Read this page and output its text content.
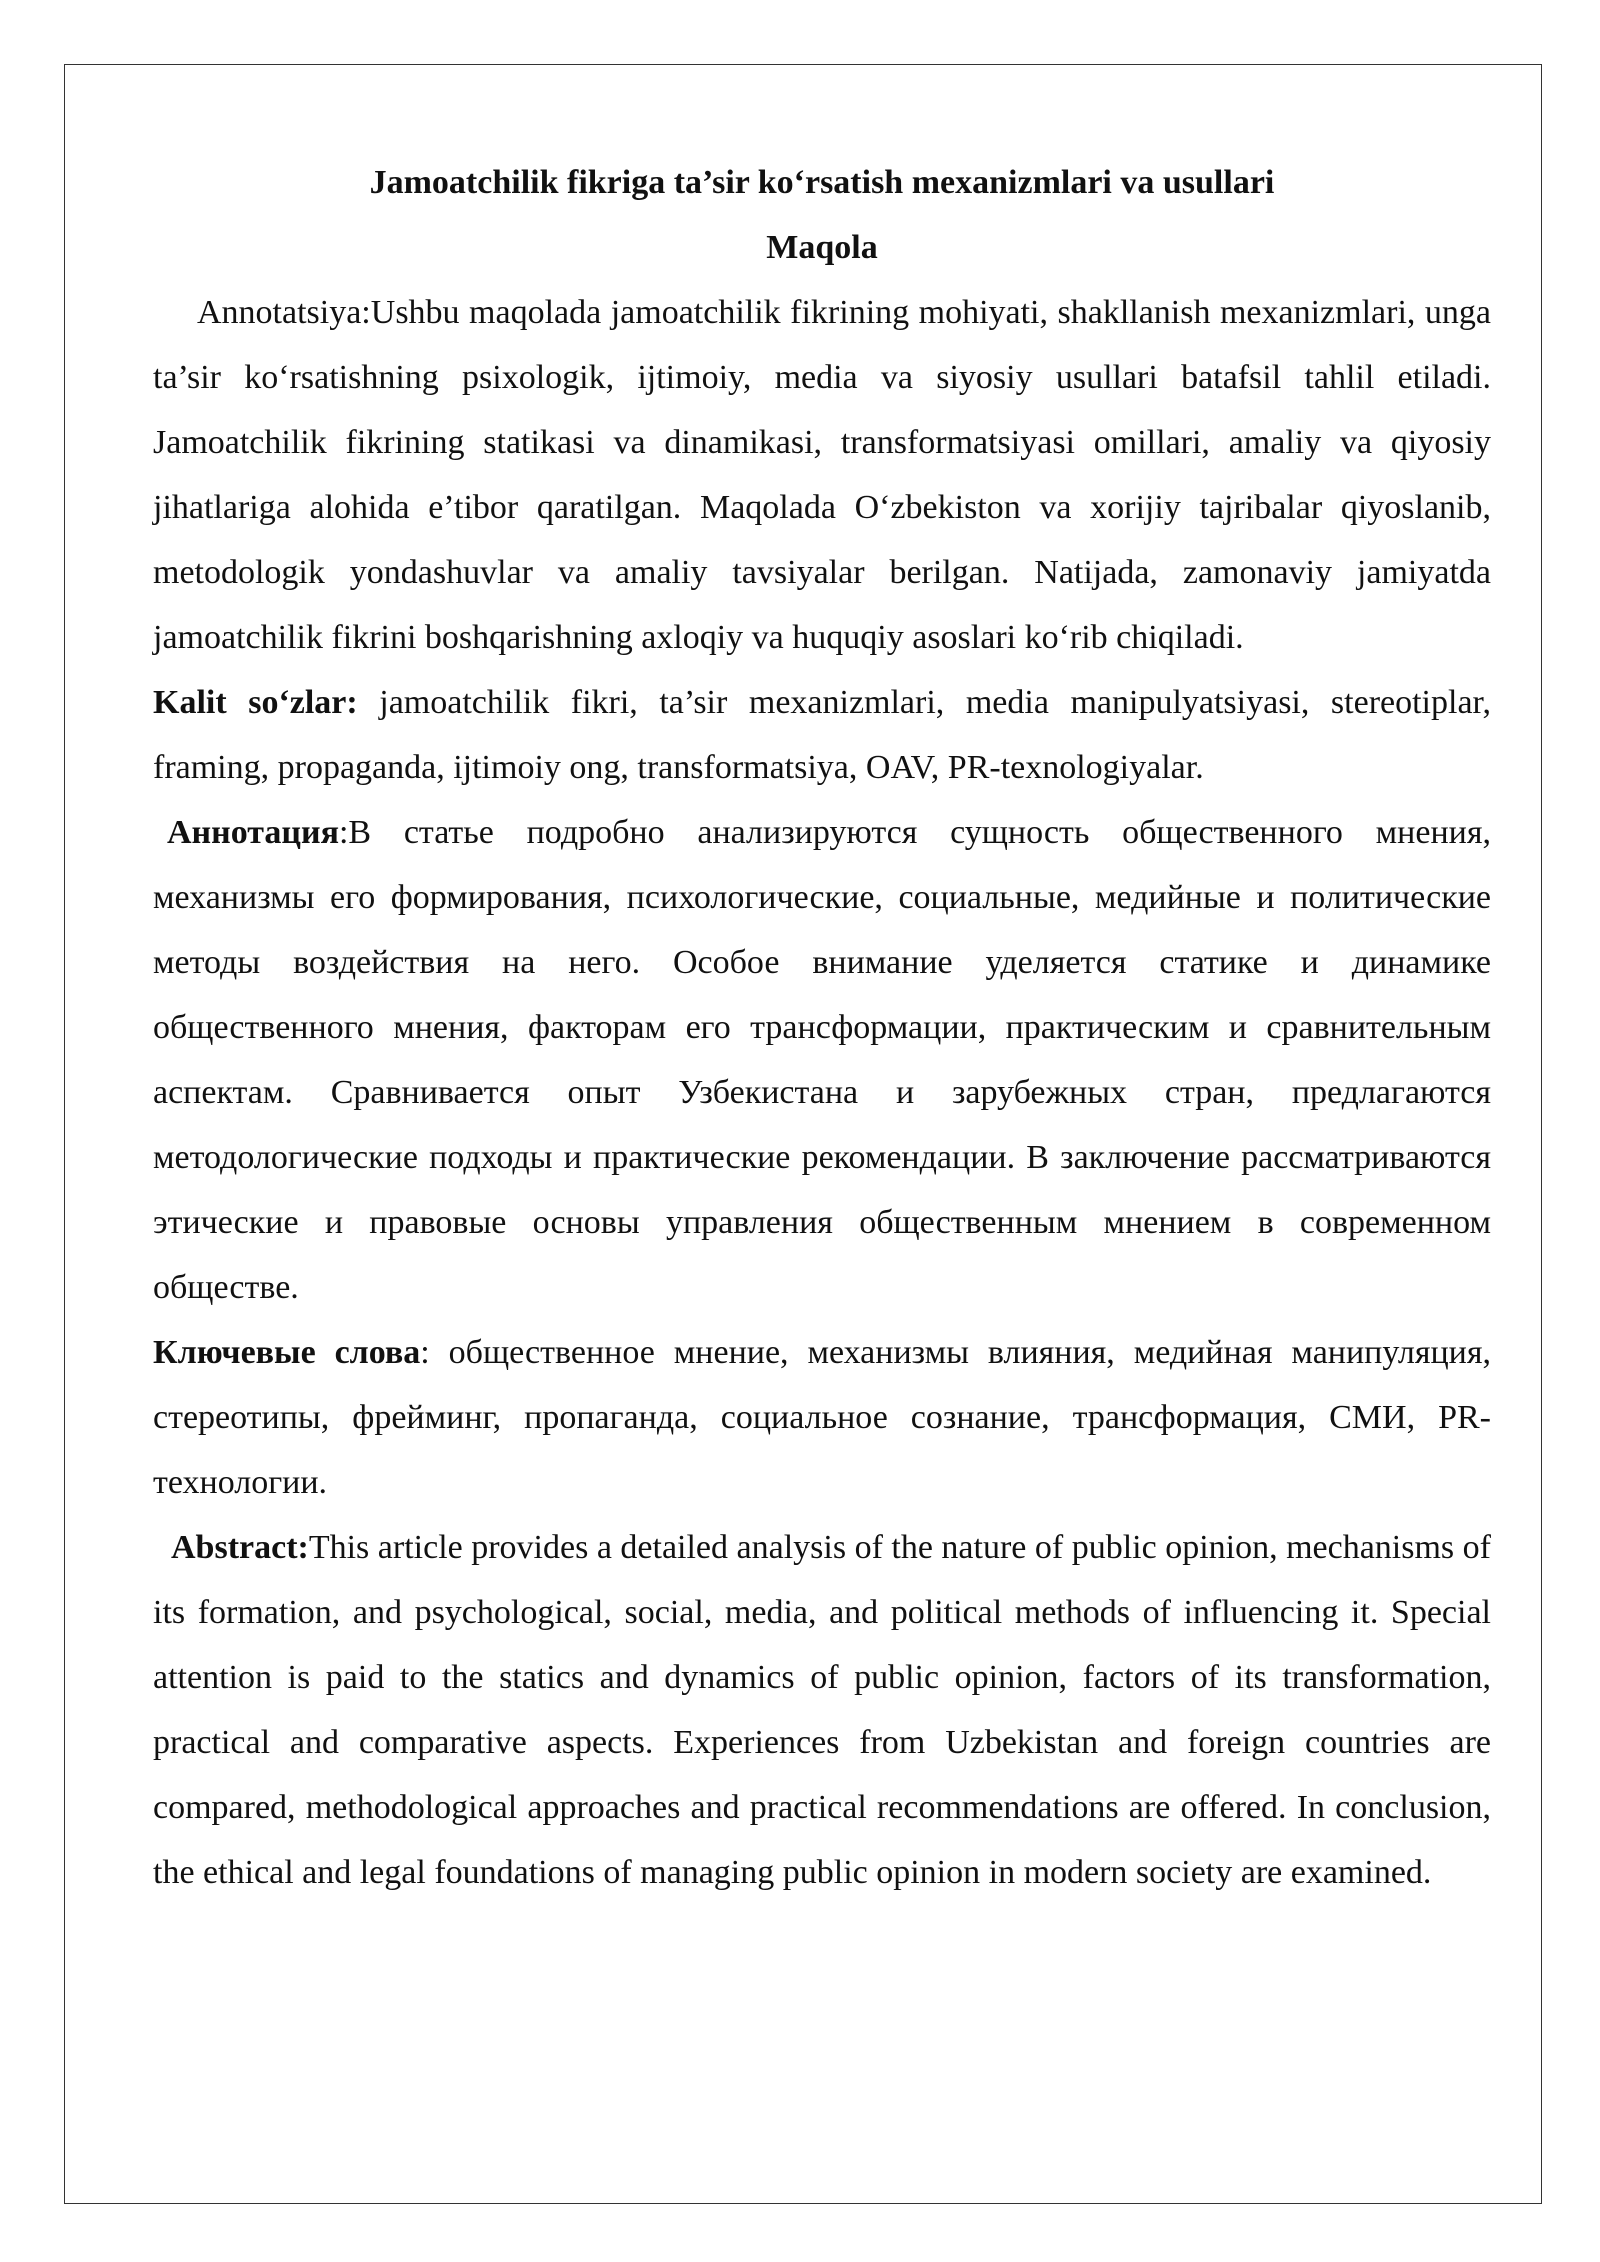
Jamoatchilik fikriga ta’sir ko‘rsatish mexanizmlari va usullari

Maqola

Annotatsiya:Ushbu maqolada jamoatchilik fikrining mohiyati, shakllanish mexanizmlari, unga ta’sir ko‘rsatishning psixologik, ijtimoiy, media va siyosiy usullari batafsil tahlil etiladi. Jamoatchilik fikrining statikasi va dinamikasi, transformatsiyasi omillari, amaliy va qiyosiy jihatlariga alohida e’tibor qaratilgan. Maqolada O‘zbekiston va xorijiy tajribalar qiyoslanib, metodologik yondashuvlar va amaliy tavsiyalar berilgan. Natijada, zamonaviy jamiyatda jamoatchilik fikrini boshqarishning axloqiy va huquqiy asoslari ko‘rib chiqiladi.

Kalit so‘zlar: jamoatchilik fikri, ta’sir mexanizmlari, media manipulyatsiyasi, stereotiplar, framing, propaganda, ijtimoiy ong, transformatsiya, OAV, PR-texnologiyalar.

Аннотация:В статье подробно анализируются сущность общественного мнения, механизмы его формирования, психологические, социальные, медийные и политические методы воздействия на него. Особое внимание уделяется статике и динамике общественного мнения, факторам его трансформации, практическим и сравнительным аспектам. Сравнивается опыт Узбекистана и зарубежных стран, предлагаются методологические подходы и практические рекомендации. В заключение рассматриваются этические и правовые основы управления общественным мнением в современном обществе.

Ключевые слова: общественное мнение, механизмы влияния, медийная манипуляция, стереотипы, фрейминг, пропаганда, социальное сознание, трансформация, СМИ, PR-технологии.

Abstract:This article provides a detailed analysis of the nature of public opinion, mechanisms of its formation, and psychological, social, media, and political methods of influencing it. Special attention is paid to the statics and dynamics of public opinion, factors of its transformation, practical and comparative aspects. Experiences from Uzbekistan and foreign countries are compared, methodological approaches and practical recommendations are offered. In conclusion, the ethical and legal foundations of managing public opinion in modern society are examined.
